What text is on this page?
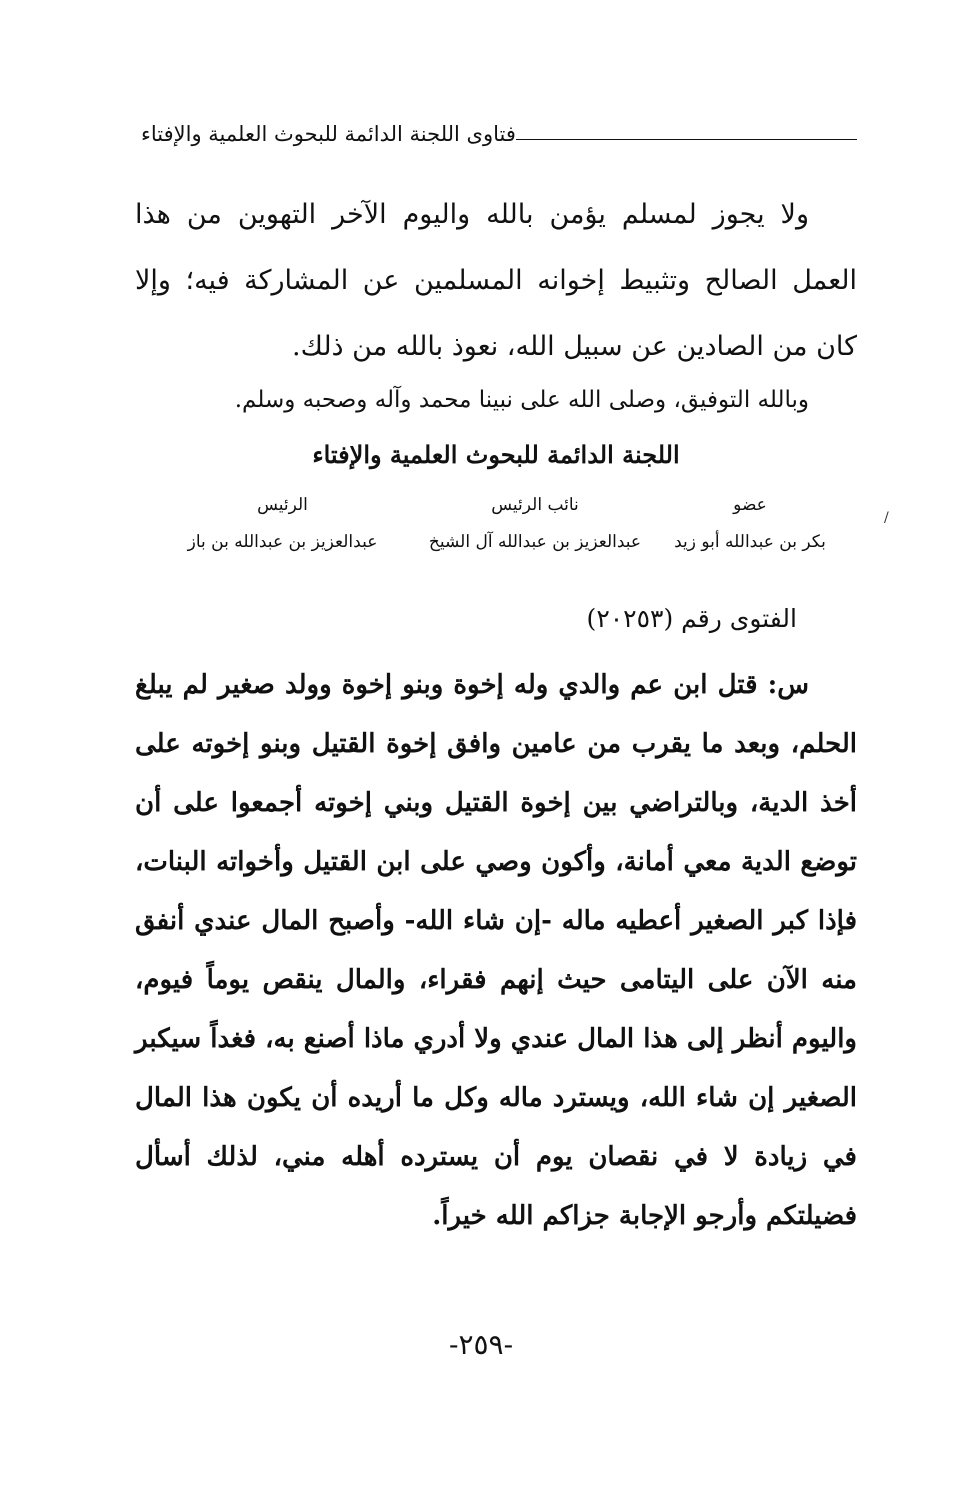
فتاوى اللجنة الدائمة للبحوث العلمية والإفتاء

ولا يجوز لمسلم يؤمن بالله واليوم الآخر التهوين من هذا العمل الصالح وتثبيط إخوانه المسلمين عن المشاركة فيه؛ وإلا كان من الصادين عن سبيل الله، نعوذ بالله من ذلك.

وبالله التوفيق، وصلى الله على نبينا محمد وآله وصحبه وسلم.

اللجنة الدائمة للبحوث العلمية والإفتاء
عضو
بكر بن عبدالله أبو زيد
نائب الرئيس
عبدالعزيز بن عبدالله آل الشيخ
الرئيس
عبدالعزيز بن عبدالله بن باز
/
الفتوى رقم (٢٠٢٥٣)

س: قتل ابن عم والدي وله إخوة وبنو إخوة وولد صغير لم يبلغ الحلم، وبعد ما يقرب من عامين وافق إخوة القتيل وبنو إخوته على أخذ الدية، وبالتراضي بين إخوة القتيل وبني إخوته أجمعوا على أن توضع الدية معي أمانة، وأكون وصي على ابن القتيل وأخواته البنات، فإذا كبر الصغير أعطيه ماله -إن شاء الله- وأصبح المال عندي أنفق منه الآن على اليتامى حيث إنهم فقراء، والمال ينقص يوماً فيوم، واليوم أنظر إلى هذا المال عندي ولا أدري ماذا أصنع به، فغداً سيكبر الصغير إن شاء الله، ويسترد ماله وكل ما أريده أن يكون هذا المال في زيادة لا في نقصان يوم أن يسترده أهله مني، لذلك أسأل فضيلتكم وأرجو الإجابة جزاكم الله خيراً.

-٢٥٩-
